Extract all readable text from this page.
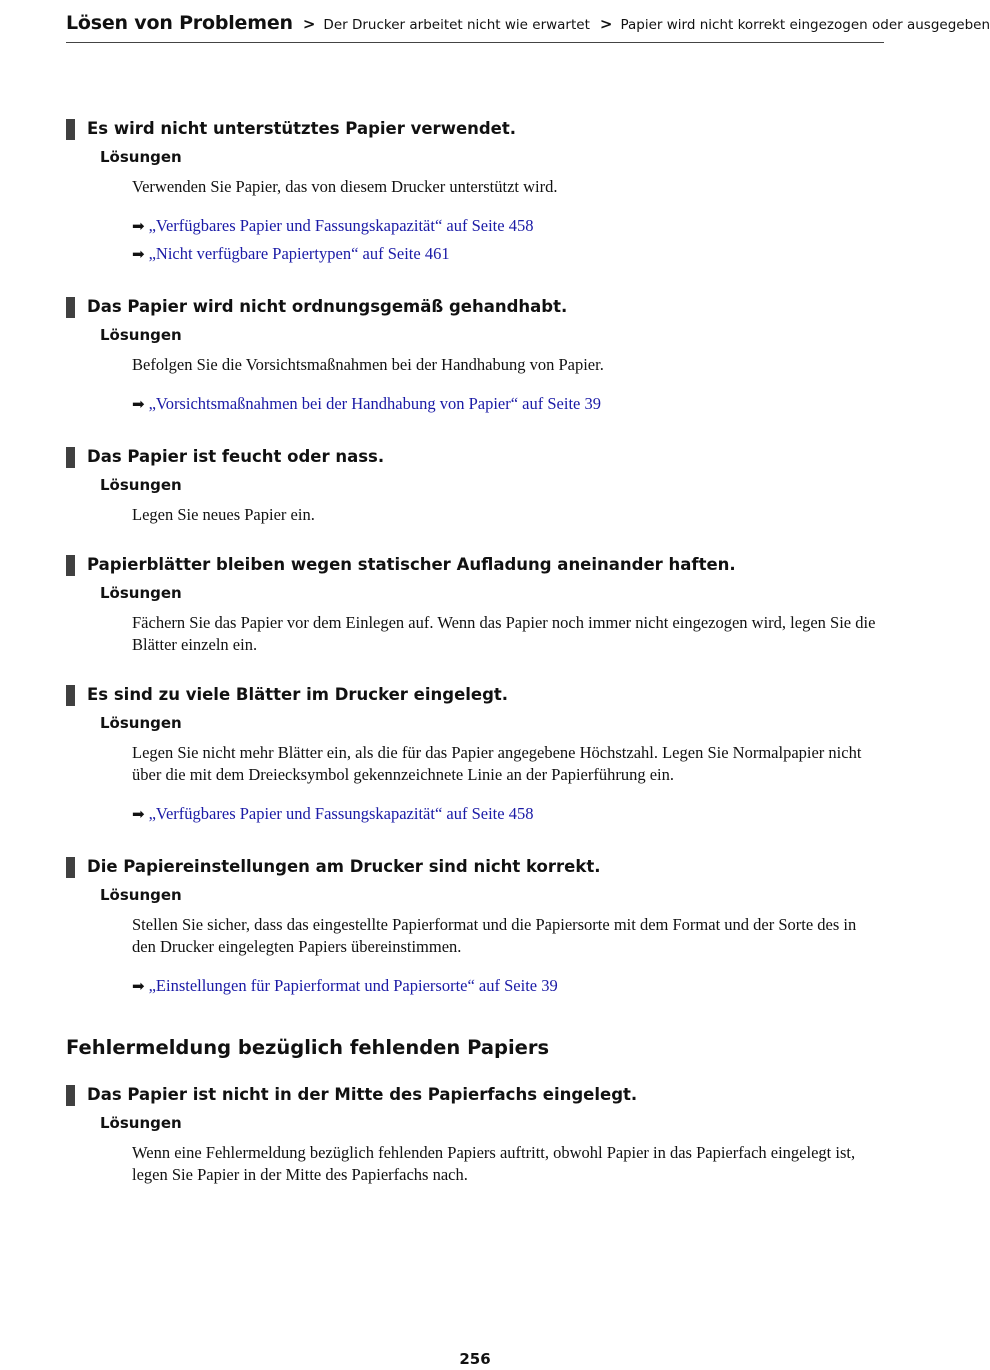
Lösen von Problemen > Der Drucker arbeitet nicht wie erwartet > Papier wird nicht korrekt eingezogen oder ausgegeben
Es wird nicht unterstütztes Papier verwendet.
Lösungen
Verwenden Sie Papier, das von diesem Drucker unterstützt wird.
➡ „Verfügbares Papier und Fassungskapazität“ auf Seite 458
➡ „Nicht verfügbare Papiertypen“ auf Seite 461
Das Papier wird nicht ordnungsgemäß gehandhabt.
Lösungen
Befolgen Sie die Vorsichtsmaßnahmen bei der Handhabung von Papier.
➡ „Vorsichtsmaßnahmen bei der Handhabung von Papier“ auf Seite 39
Das Papier ist feucht oder nass.
Lösungen
Legen Sie neues Papier ein.
Papierblätter bleiben wegen statischer Aufladung aneinander haften.
Lösungen
Fächern Sie das Papier vor dem Einlegen auf. Wenn das Papier noch immer nicht eingezogen wird, legen Sie die Blätter einzeln ein.
Es sind zu viele Blätter im Drucker eingelegt.
Lösungen
Legen Sie nicht mehr Blätter ein, als die für das Papier angegebene Höchstzahl. Legen Sie Normalpapier nicht über die mit dem Dreiecksymbol gekennzeichnete Linie an der Papierführung ein.
➡ „Verfügbares Papier und Fassungskapazität“ auf Seite 458
Die Papiereinstellungen am Drucker sind nicht korrekt.
Lösungen
Stellen Sie sicher, dass das eingestellte Papierformat und die Papiersorte mit dem Format und der Sorte des in den Drucker eingelegten Papiers übereinstimmen.
➡ „Einstellungen für Papierformat und Papiersorte“ auf Seite 39
Fehlermeldung bezüglich fehlenden Papiers
Das Papier ist nicht in der Mitte des Papierfachs eingelegt.
Lösungen
Wenn eine Fehlermeldung bezüglich fehlenden Papiers auftritt, obwohl Papier in das Papierfach eingelegt ist, legen Sie Papier in der Mitte des Papierfachs nach.
256
